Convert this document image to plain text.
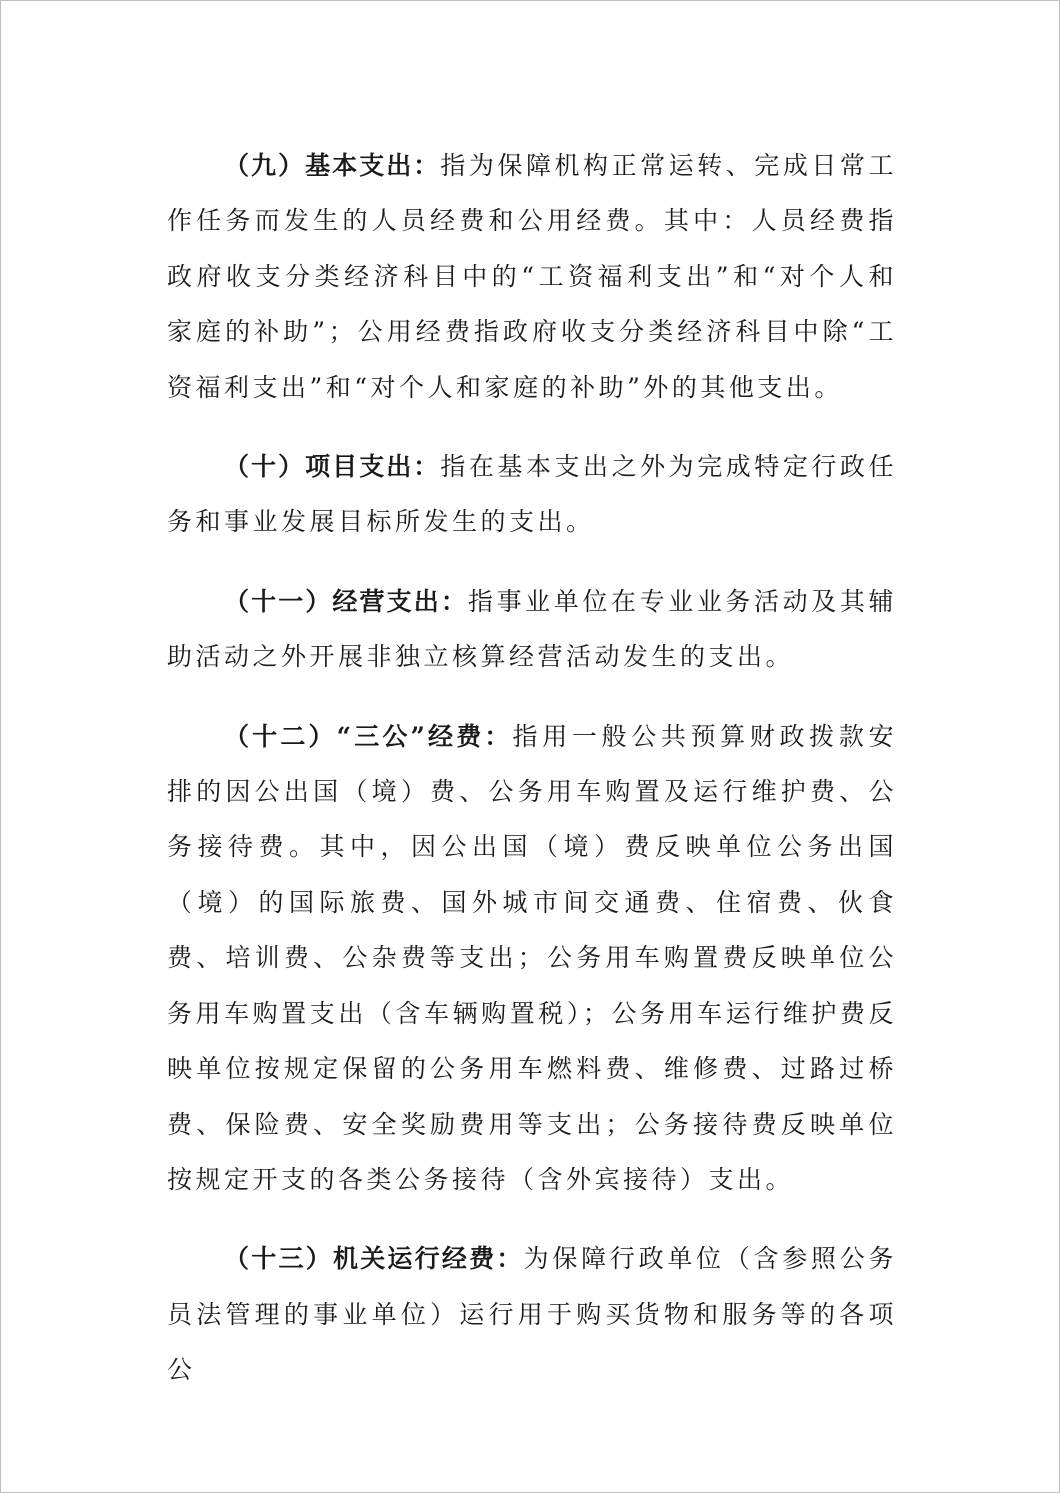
（九）基本支出：指为保障机构正常运转、完成日常工作任务而发生的人员经费和公用经费。其中：人员经费指政府收支分类经济科目中的“工资福利支出”和“对个人和家庭的补助”；公用经费指政府收支分类经济科目中除“工资福利支出”和“对个人和家庭的补助”外的其他支出。

（十）项目支出：指在基本支出之外为完成特定行政任务和事业发展目标所发生的支出。

（十一）经营支出：指事业单位在专业业务活动及其辅助活动之外开展非独立核算经营活动发生的支出。

（十二）“三公”经费：指用一般公共预算财政拨款安排的因公出国（境）费、公务用车购置及运行维护费、公务接待费。其中，因公出国（境）费反映单位公务出国（境）的国际旅费、国外城市间交通费、住宿费、伙食费、培训费、公杂费等支出；公务用车购置费反映单位公务用车购置支出（含车辆购置税）；公务用车运行维护费反映单位按规定保留的公务用车燃料费、维修费、过路过桥费、保险费、安全奖励费用等支出；公务接待费反映单位按规定开支的各类公务接待（含外宾接待）支出。

（十三）机关运行经费：为保障行政单位（含参照公务员法管理的事业单位）运行用于购买货物和服务等的各项公
